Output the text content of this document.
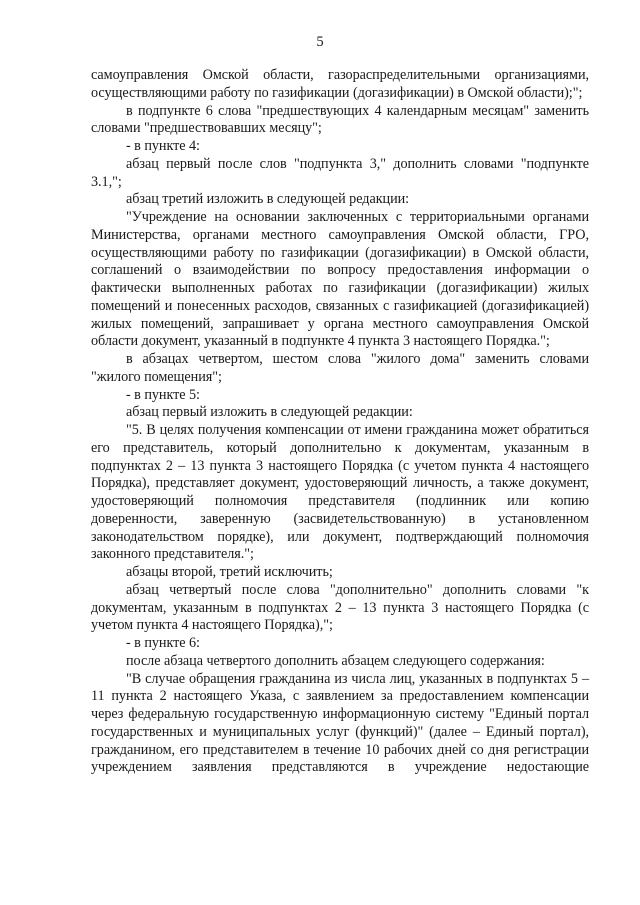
5

самоуправления Омской области, газораспределительными организациями, осуществляющими работу по газификации (догазификации) в Омской области);";

в подпункте 6 слова "предшествующих 4 календарным месяцам" заменить словами "предшествовавших месяцу";

- в пункте 4:

абзац первый после слов "подпункта 3," дополнить словами "подпункте 3.1,";

абзац третий изложить в следующей редакции:

"Учреждение на основании заключенных с территориальными органами Министерства, органами местного самоуправления Омской области, ГРО, осуществляющими работу по газификации (догазификации) в Омской области, соглашений о взаимодействии по вопросу предоставления информации о фактически выполненных работах по газификации (догазификации) жилых помещений и понесенных расходов, связанных с газификацией (догазификацией) жилых помещений, запрашивает у органа местного самоуправления Омской области документ, указанный в подпункте 4 пункта 3 настоящего Порядка.";

в абзацах четвертом, шестом слова "жилого дома" заменить словами "жилого помещения";

- в пункте 5:

абзац первый изложить в следующей редакции:

"5. В целях получения компенсации от имени гражданина может обратиться его представитель, который дополнительно к документам, указанным в подпунктах 2 – 13 пункта 3 настоящего Порядка (с учетом пункта 4 настоящего Порядка), представляет документ, удостоверяющий личность, а также документ, удостоверяющий полномочия представителя (подлинник или копию доверенности, заверенную (засвидетельствованную) в установленном законодательством порядке), или документ, подтверждающий полномочия законного представителя.";

абзацы второй, третий исключить;

абзац четвертый после слова "дополнительно" дополнить словами "к документам, указанным в подпунктах 2 – 13 пункта 3 настоящего Порядка (с учетом пункта 4 настоящего Порядка),";

- в пункте 6:

после абзаца четвертого дополнить абзацем следующего содержания:

"В случае обращения гражданина из числа лиц, указанных в подпунктах 5 – 11 пункта 2 настоящего Указа, с заявлением за предоставлением компенсации через федеральную государственную информационную систему "Единый портал государственных и муниципальных услуг (функций)" (далее – Единый портал), гражданином, его представителем в течение 10 рабочих дней со дня регистрации учреждением заявления представляются в учреждение недостающие
